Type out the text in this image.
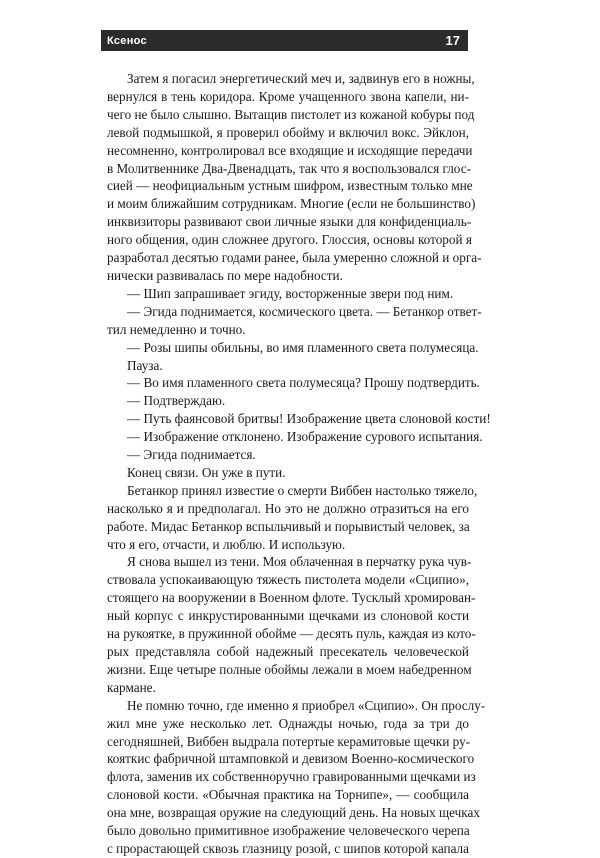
Ксенос	17
Затем я погасил энергетический меч и, задвинув его в ножны,
вернулся в тень коридора. Кроме учащенного звона капели, ни-
чего не было слышно. Вытащив пистолет из кожаной кобуры под
левой подмышкой, я проверил обойму и включил вокс. Эйклон,
несомненно, контролировал все входящие и исходящие передачи
в Молитвеннике Два-Двенадцать, так что я воспользовался глос-
сией — неофициальным устным шифром, известным только мне
и моим ближайшим сотрудникам. Многие (если не большинство)
инквизиторы развивают свои личные языки для конфиденциаль-
ного общения, один сложнее другого. Глоссия, основы которой я
разработал десятью годами ранее, была умеренно сложной и орга-
нически развивалась по мере надобности.
— Шип запрашивает эгиду, восторженные звери под ним.
— Эгида поднимается, космического цвета. — Бетанкор ответ-
тил немедленно и точно.
— Розы шипы обильны, во имя пламенного света полумесяца.
Пауза.
— Во имя пламенного света полумесяца? Прошу подтвердить.
— Подтверждаю.
— Путь фаянсовой бритвы! Изображение цвета слоновой кости!
— Изображение отклонено. Изображение сурового испытания.
— Эгида поднимается.
Конец связи. Он уже в пути.
Бетанкор принял известие о смерти Виббен настолько тяжело,
насколько я и предполагал. Но это не должно отразиться на его
работе. Мидас Бетанкор вспыльчивый и порывистый человек, за
что я его, отчасти, и люблю. И использую.
Я снова вышел из тени. Моя облаченная в перчатку рука чув-
ствовала успокаивающую тяжесть пистолета модели «Сципио»,
стоящего на вооружении в Военном флоте. Тусклый хромирован-
ный корпус с инкрустированными щечками из слоновой кости
на рукоятке, в пружинной обойме — десять пуль, каждая из кото-
рых представляла собой надежный пресекатель человеческой
жизни. Еще четыре полные обоймы лежали в моем набедренном
кармане.
Не помню точно, где именно я приобрел «Сципио». Он прослу-
жил мне уже несколько лет. Однажды ночью, года за три до
сегодняшней, Виббен выдрала потертые керамитовые щечки ру-
кояткис фабричной штамповкой и девизом Военно-космического
флота, заменив их собственноручно гравированными щечками из
слоновой кости. «Обычная практика на Торнипе», — сообщила
она мне, возвращая оружие на следующий день. На новых щечках
было довольно примитивное изображение человеческого черепа
с прорастающей сквозь глазницу розой, с шипов которой капала
